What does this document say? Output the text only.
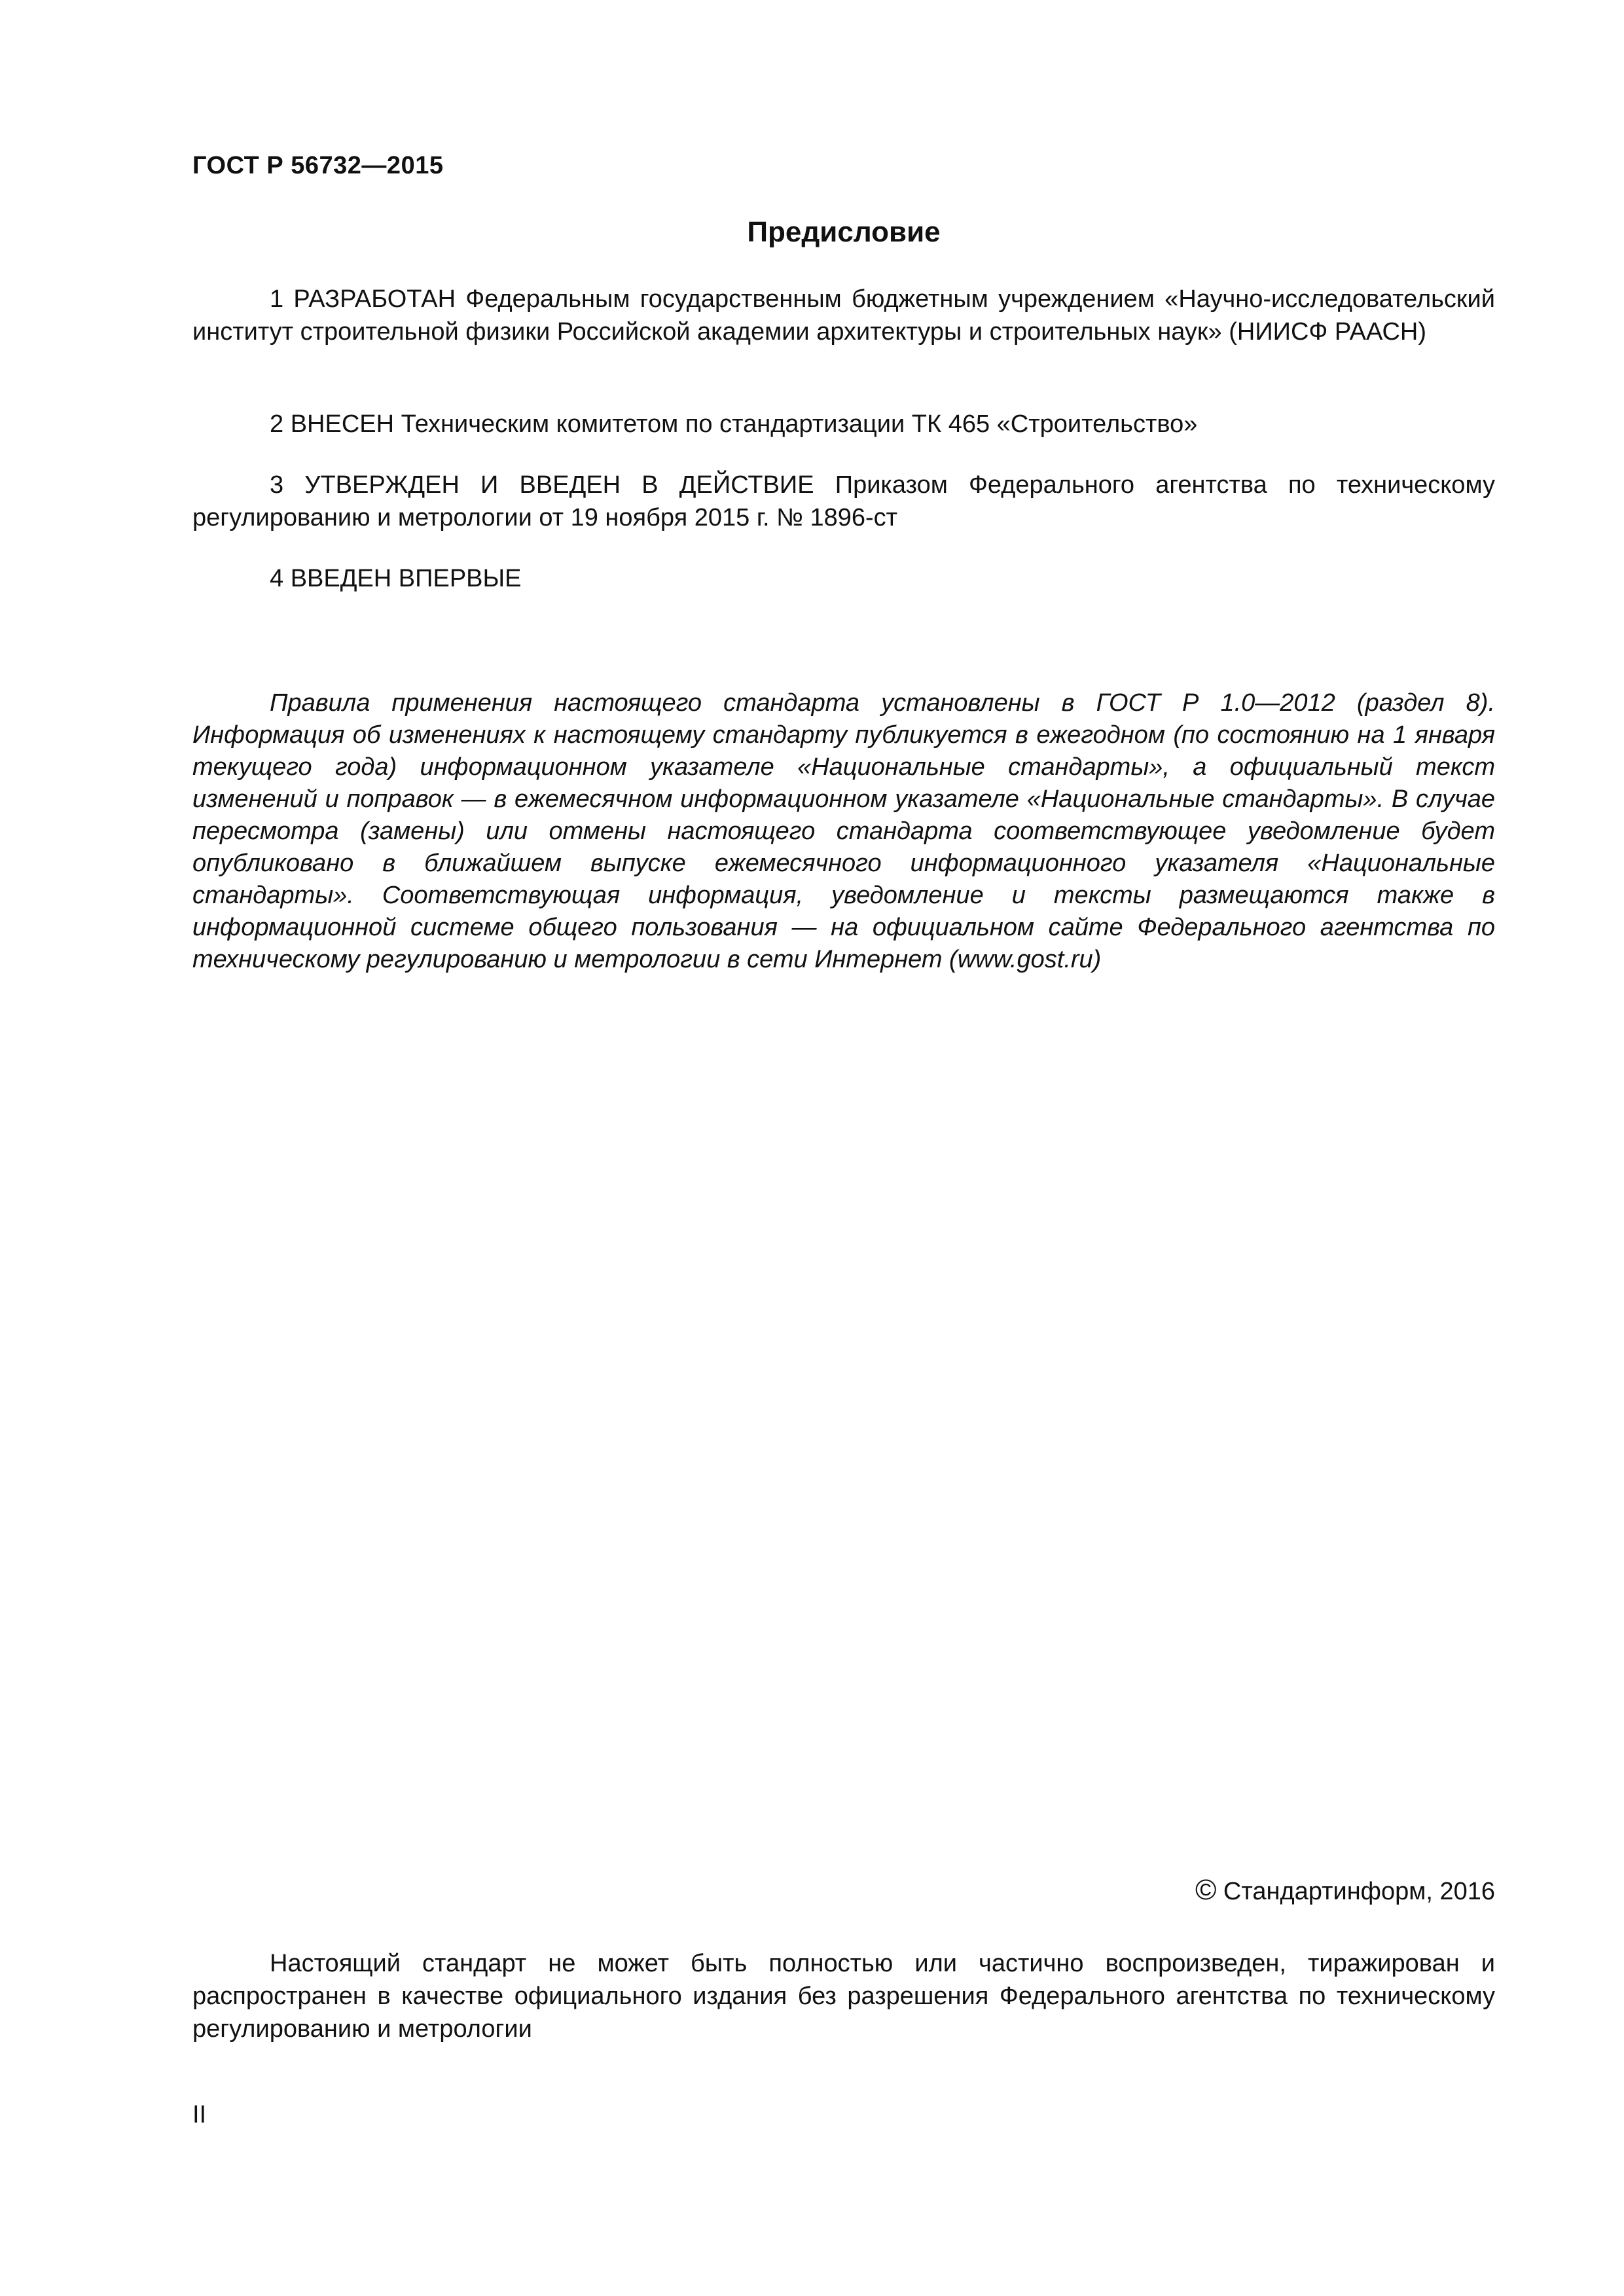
ГОСТ Р 56732—2015
Предисловие

1 РАЗРАБОТАН Федеральным государственным бюджетным учреждением «Научно-исследовательский институт строительной физики Российской академии архитектуры и строительных наук» (НИИСФ РААСН)

2 ВНЕСЕН Техническим комитетом по стандартизации ТК 465 «Строительство»

3 УТВЕРЖДЕН И ВВЕДЕН В ДЕЙСТВИЕ Приказом Федерального агентства по техническому регулированию и метрологии от 19 ноября 2015 г. № 1896-ст

4 ВВЕДЕН ВПЕРВЫЕ

Правила применения настоящего стандарта установлены в ГОСТ Р 1.0—2012 (раздел 8). Информация об изменениях к настоящему стандарту публикуется в ежегодном (по состоянию на 1 января текущего года) информационном указателе «Национальные стандарты», а официальный текст изменений и поправок — в ежемесячном информационном указателе «Национальные стандарты». В случае пересмотра (замены) или отмены настоящего стандарта соответствующее уведомление будет опубликовано в ближайшем выпуске ежемесячного информационного указателя «Национальные стандарты». Соответствующая информация, уведомление и тексты размещаются также в информационной системе общего пользования — на официальном сайте Федерального агентства по техническому регулированию и метрологии в сети Интернет (www.gost.ru)

© Стандартинформ, 2016

Настоящий стандарт не может быть полностью или частично воспроизведен, тиражирован и распространен в качестве официального издания без разрешения Федерального агентства по техническому регулированию и метрологии

II
